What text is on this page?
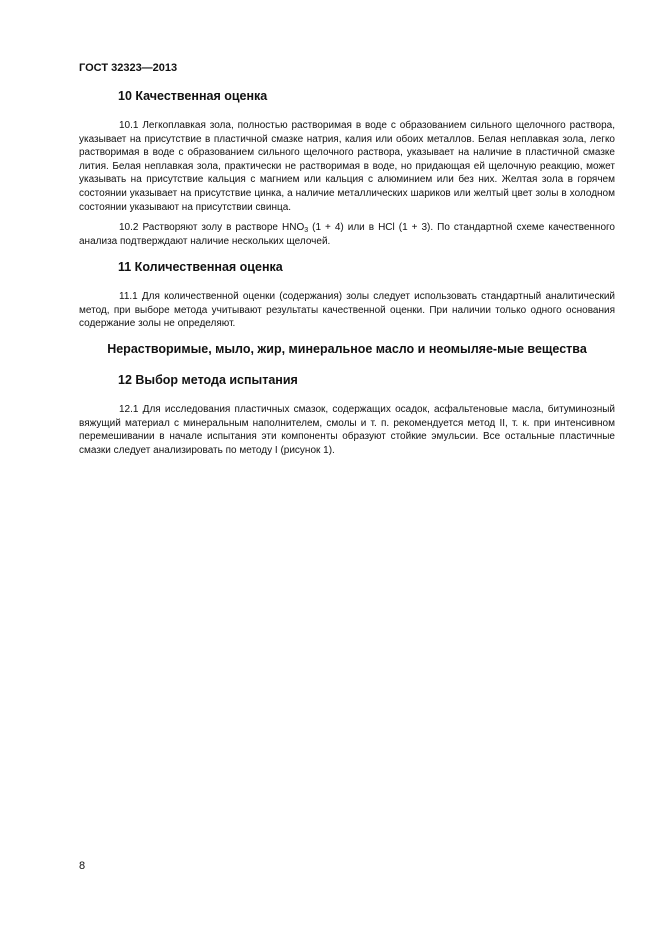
ГОСТ 32323—2013
10 Качественная оценка

10.1 Легкоплавкая зола, полностью растворимая в воде с образованием сильного щелочного раствора, указывает на присутствие в пластичной смазке натрия, калия или обоих металлов. Белая неплавкая зола, легко растворимая в воде с образованием сильного щелочного раствора, указывает на наличие в пластичной смазке лития. Белая неплавкая зола, практически не растворимая в воде, но придающая ей щелочную реакцию, может указывать на присутствие кальция с магнием или кальция с алюминием или без них. Желтая зола в горячем состоянии указывает на присутствие цинка, а наличие металлических шариков или желтый цвет золы в холодном состоянии указывают на присутствии свинца.

10.2 Растворяют золу в растворе $HNO_3$ (1 + 4) или в HCl (1 + 3). По стандартной схеме качественного анализа подтверждают наличие нескольких щелочей.

11 Количественная оценка

11.1 Для количественной оценки (содержания) золы следует использовать стандартный аналитический метод, при выборе метода учитывают результаты качественной оценки. При наличии только одного основания содержание золы не определяют.

Нерастворимые, мыло, жир, минеральное масло и неомыляе-мые вещества
12 Выбор метода испытания

12.1 Для исследования пластичных смазок, содержащих осадок, асфальтеновые масла, битуминозный вяжущий материал с минеральным наполнителем, смолы и т. п. рекомендуется метод II, т. к. при интенсивном перемешивании в начале испытания эти компоненты образуют стойкие эмульсии. Все остальные пластичные смазки следует анализировать по методу I (рисунок 1).

8
